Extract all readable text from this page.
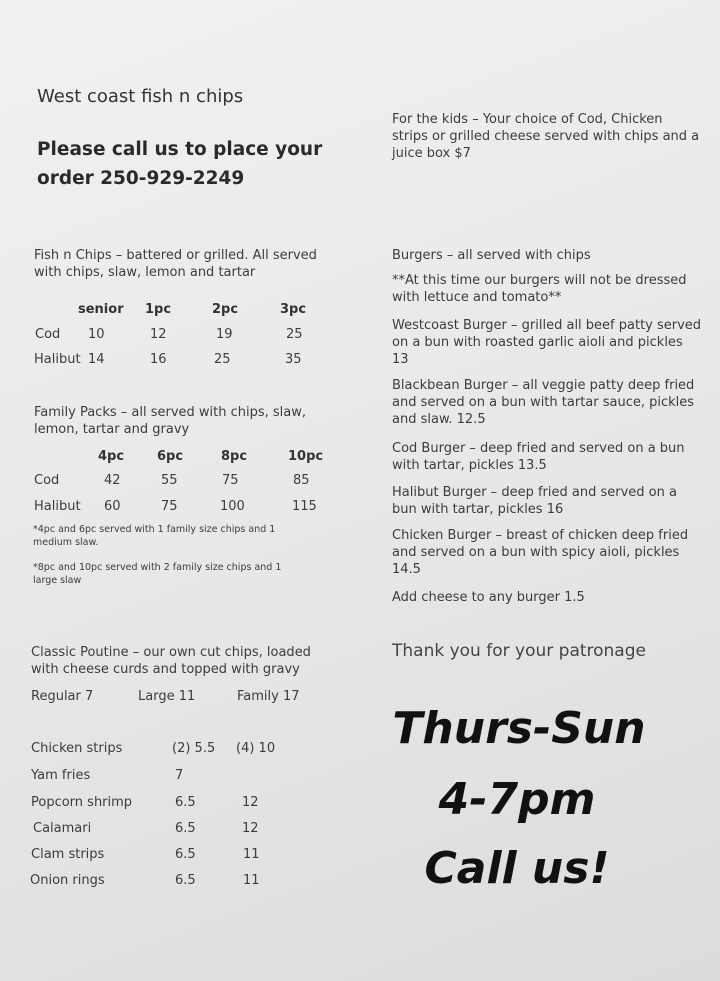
West coast fish n chips
Please call us to place your
order 250-929-2249
Fish n Chips – battered or grilled. All served
with chips, slaw, lemon and tartar
senior 1pc	2pc	3pc
Cod 10	12	19	25
Halibut 14	16	25	35
Family Packs – all served with chips, slaw,
lemon, tartar and gravy
4pc	6pc	8pc	10pc
Cod	42	55	75	85
Halibut 60	75	100	115
*4pc and 6pc served with 1 family size chips and 1
medium slaw.
*8pc and 10pc served with 2 family size chips and 1
large slaw
Classic Poutine – our own cut chips, loaded
with cheese curds and topped with gravy
Regular 7	Large 11	Family 17
Chicken strips	(2) 5.5 (4) 10
Yam fries	7
Popcorn shrimp	6.5	12
Calamari	6.5	12
Clam strips	6.5	11
Onion rings	6.5	11
For the kids – Your choice of Cod, Chicken
strips or grilled cheese served with chips and a
juice box $7
Burgers – all served with chips
**At this time our burgers will not be dressed
with lettuce and tomato**
Westcoast Burger – grilled all beef patty served
on a bun with roasted garlic aioli and pickles
13
Blackbean Burger – all veggie patty deep fried
and served on a bun with tartar sauce, pickles
and slaw. 12.5
Cod Burger – deep fried and served on a bun
with tartar, pickles 13.5
Halibut Burger – deep fried and served on a
bun with tartar, pickles 16
Chicken Burger – breast of chicken deep fried
and served on a bun with spicy aioli, pickles
14.5
Add cheese to any burger 1.5
Thank you for your patronage
Thurs-Sun
4-7pm
Call us!
